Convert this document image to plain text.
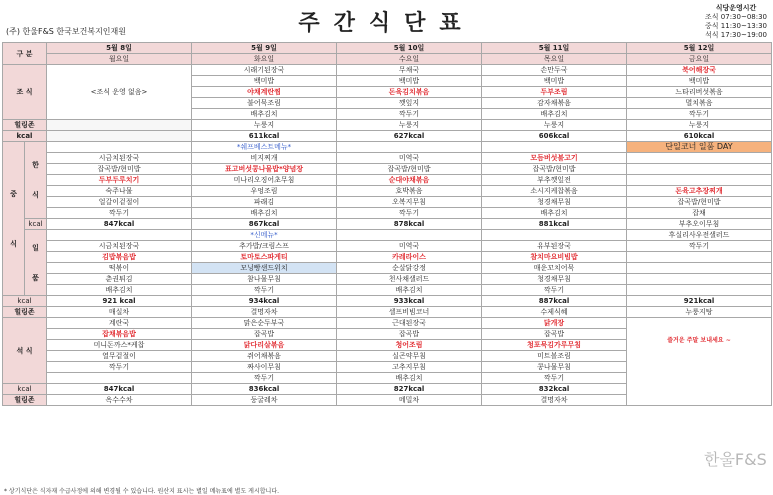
(주) 한울F&S 한국보건복지인재원	주간식단표
식당운영시간
조식 07:30~08:30
중식 11:30~13:30
석식 17:30~19:00
구 분		5월 8일	5월 9일	5월 10일	5월 11일	5월 12일
		월요일	화요일	수요일	목요일	금요일
조 식		<조식 운영 없음>	시래기된장국	무채국	손만두국	북어해장국
			백미밥	백미밥	백미밥	백미밥
			야채계란찜	돈육김치볶음	두부조림	느타리버섯볶음
			불어묵조림	깻잎지	감자채볶음	멸치볶음
			배추김치	깍두기	배추김치	깍두기
힐링존			누룽지	누룽지	누룽지	누룽지
kcal			611kcal	627kcal	606kcal	610kcal
중

식	한

식		*쉐프베스트메뉴*			단일코너 일품 DAY
		시금치된장국	비지찌개	미역국	모듬버섯불고기	
		잡곡밥/현미밥	표고버섯콩나물밥*양념장	잡곡밥/현미밥	잡곡밥/현미밥	
		두부두루치기	미나리오징어초무침	순대야채볶음	부추깻잎전	
		숙주나물	우엉조림	호박볶음	소시지케찹볶음	돈육고추장찌개
		얼갈이겉절이	파래김	오복지무침	청경채무침	잡곡밥/현미밥
		깍두기	배추김치	깍두기	배추김치	잡채
	kcal	847kcal	867kcal	878kcal	881kcal	부추오이무침
	일

품		*신메뉴*			후실리사우전샐러드
		시금치된장국	추가밥/크림스프	미역국	유부된장국	깍두기
		김밥볶음밥	토마토스파게티	카레라이스	참치마요비빔밥	
		떡볶이	모닝빵샌드위치	순살닭강정	매운꼬치어묵	
		춘권튀김	참나물무침	천사채샐러드	청경채무침	
		배추김치	깍두기	배추김치	깍두기	
kcal		921 kcal	934kcal	933kcal	887kcal	921kcal
힐링존		매실차	결명자차	셀프비빔코너	수제식혜	누룽지탕
석 식		계란국	맑은순두부국	근대된장국	닭개장	즐거운 주말 보내세요 ~

		잡채볶음밥	잡곡밥	잡곡밥	잡곡밥	
		미니돈까스*케찹	닭다리살볶음	청어조림	청포묵김가루무침	
		열무겉절이	쥐어채볶음	실곤약무침	미트볼조림	
		깍두기	짜사이무침	고추지무침	콩나물무침	
			깍두기	배추김치	깍두기	
kcal		847kcal	836kcal	827kcal	832kcal	
힐링존		옥수수차	둥굴레차	메밀차	결명자차	
* 상기식단은 식자재 수급사정에 의해 변경될 수 있습니다. 원산지 표시는 별일 메뉴표에 별도 게시합니다.
한울F&S
